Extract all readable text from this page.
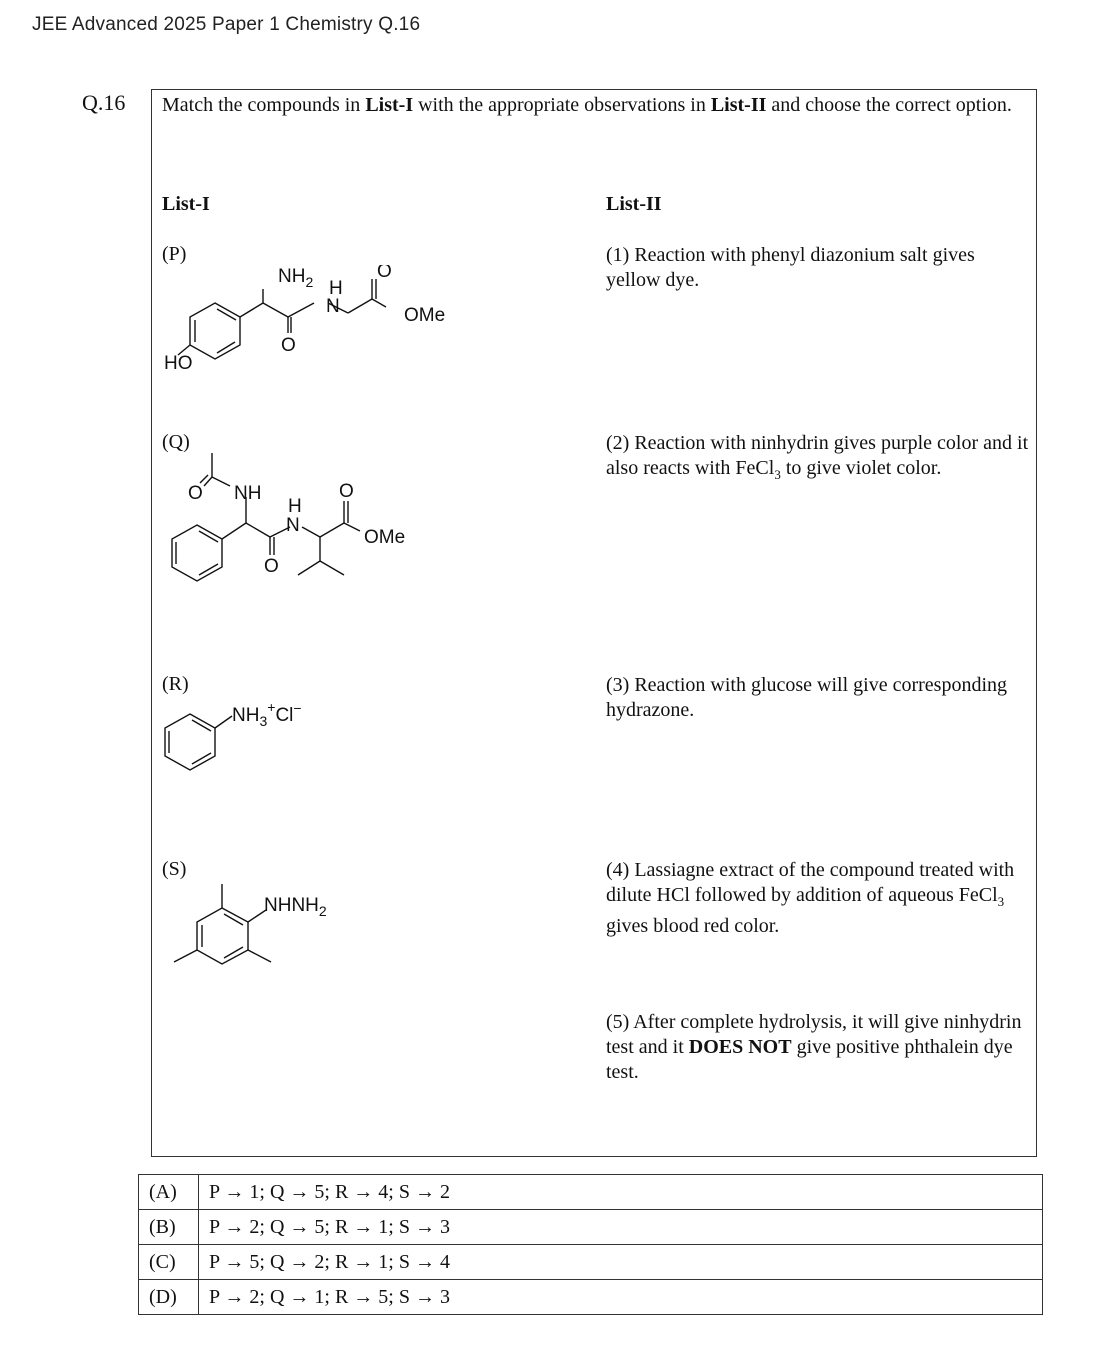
JEE Advanced 2025 Paper 1 Chemistry Q.16
Q.16 Match the compounds in List-I with the appropriate observations in List-II and choose the correct option.
List-I	List-II
(P)
O
HO
$NH_2$ H
N
O
OMe
(1) Reaction with phenyl diazonium salt gives yellow dye.
(Q)
O NH
H
N
O
OMe
O
(2) Reaction with ninhydrin gives purple color and it also reacts with FeCl$_3$ to give violet color.
(R)
$NH_3^+Cl^-$
(3) Reaction with glucose will give corresponding hydrazone.
(S)
$NHNH_2$
(4) Lassiagne extract of the compound treated with dilute HCl followed by addition of aqueous FeCl$_3$ gives blood red color.
(5) After complete hydrolysis, it will give ninhydrin test and it DOES NOT give positive phthalein dye test.
(A)	P → 1; Q → 5; R → 4; S → 2
(B)	P → 2; Q → 5; R → 1; S → 3
(C)	P → 5; Q → 2; R → 1; S → 4
(D)	P → 2; Q → 1; R → 5; S → 3
